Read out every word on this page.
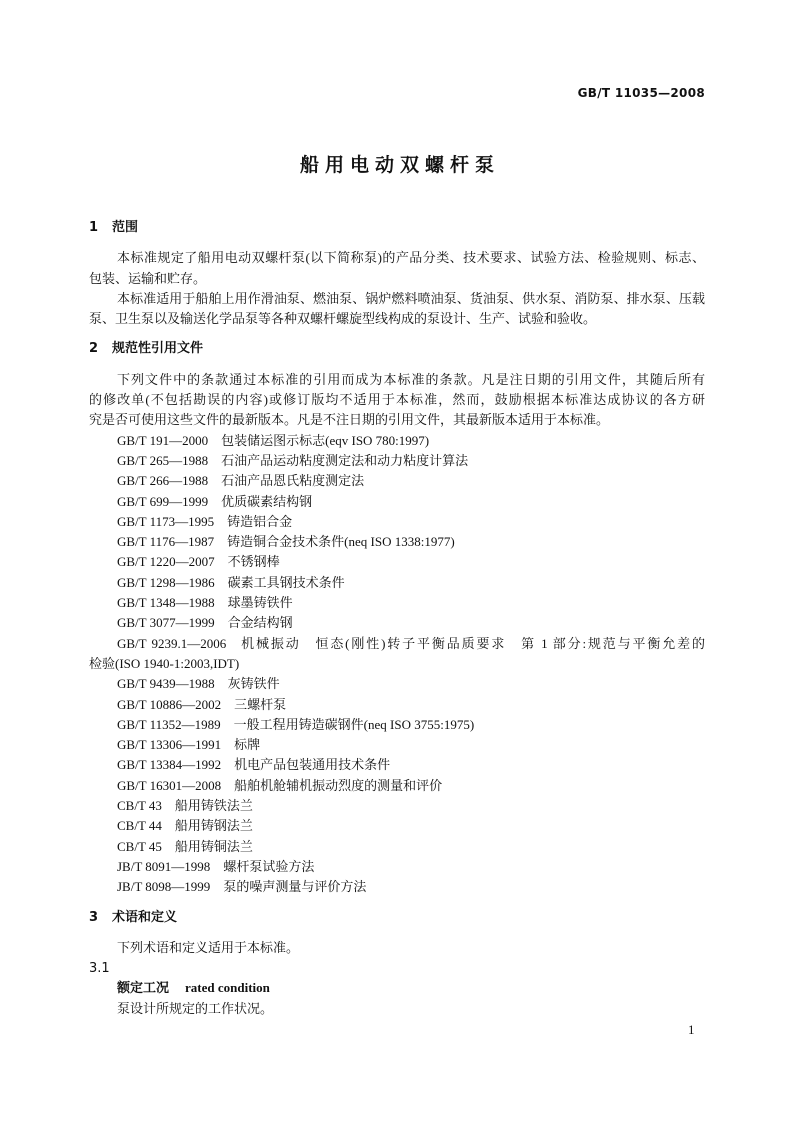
GB/T 11035—2008
船用电动双螺杆泵
1 范围
本标准规定了船用电动双螺杆泵(以下简称泵)的产品分类、技术要求、试验方法、检验规则、标志、
包装、运输和贮存。
本标准适用于船舶上用作滑油泵、燃油泵、锅炉燃料喷油泵、货油泵、供水泵、消防泵、排水泵、压载
泵、卫生泵以及输送化学品泵等各种双螺杆螺旋型线构成的泵设计、生产、试验和验收。
2 规范性引用文件
下列文件中的条款通过本标准的引用而成为本标准的条款。凡是注日期的引用文件，其随后所有
的修改单(不包括勘误的内容)或修订版均不适用于本标准，然而，鼓励根据本标准达成协议的各方研
究是否可使用这些文件的最新版本。凡是不注日期的引用文件，其最新版本适用于本标准。
GB/T 191—2000 包装储运图示标志(eqv ISO 780:1997)
GB/T 265—1988 石油产品运动粘度测定法和动力粘度计算法
GB/T 266—1988 石油产品恩氏粘度测定法
GB/T 699—1999 优质碳素结构钢
GB/T 1173—1995 铸造铝合金
GB/T 1176—1987 铸造铜合金技术条件(neq ISO 1338:1977)
GB/T 1220—2007 不锈钢棒
GB/T 1298—1986 碳素工具钢技术条件
GB/T 1348—1988 球墨铸铁件
GB/T 3077—1999 合金结构钢
GB/T 9239.1—2006 机械振动　恒态(刚性)转子平衡品质要求　第 1 部分:规范与平衡允差的
检验(ISO 1940-1:2003,IDT)
GB/T 9439—1988 灰铸铁件
GB/T 10886—2002 三螺杆泵
GB/T 11352—1989 一般工程用铸造碳钢件(neq ISO 3755:1975)
GB/T 13306—1991 标牌
GB/T 13384—1992 机电产品包装通用技术条件
GB/T 16301—2008 船舶机舱辅机振动烈度的测量和评价
CB/T 43 船用铸铁法兰
CB/T 44 船用铸钢法兰
CB/T 45 船用铸铜法兰
JB/T 8091—1998 螺杆泵试验方法
JB/T 8098—1999 泵的噪声测量与评价方法
3 术语和定义
下列术语和定义适用于本标准。
3.1
额定工况 rated condition
泵设计所规定的工作状况。
1
